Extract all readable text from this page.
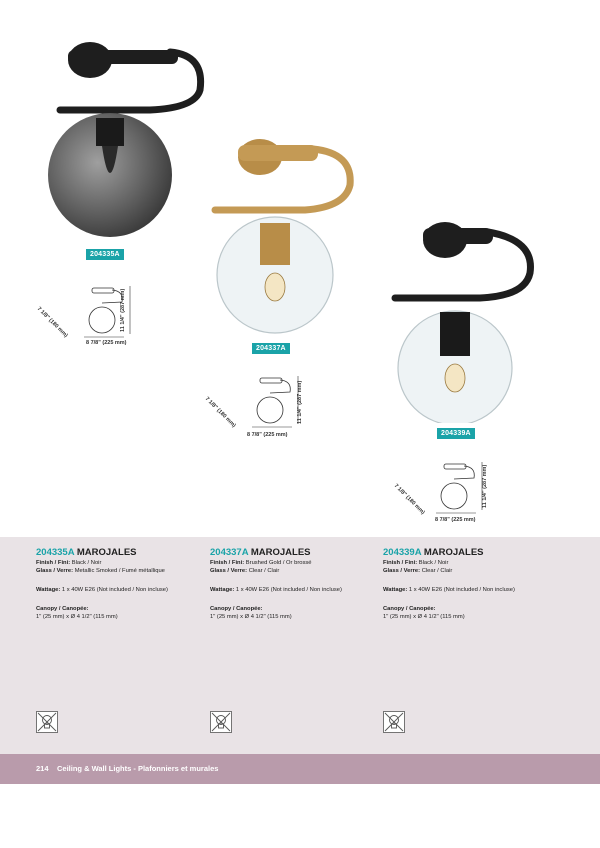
204335A
204337A
204339A
11 1/4" (287 mm)
8 7/8" (225 mm)
7 1/8" (180 mm)
11 1/4" (287 mm)
8 7/8" (225 mm)
7 1/8" (180 mm)
11 1/4" (287 mm)
8 7/8" (225 mm)
7 1/8" (180 mm)
204335A MAROJALES
Finish / Fini: Black / Noir
Glass / Verre: Metallic Smoked / Fumé métallique
Wattage: 1 x 40W E26 (Not included / Non incluse)
Canopy / Canopée:
1" (25 mm) x Ø 4 1/2" (115 mm)
204337A MAROJALES
Finish / Fini: Brushed Gold / Or brossé
Glass / Verre: Clear / Clair
Wattage: 1 x 40W E26 (Not included / Non incluse)
Canopy / Canopée:
1" (25 mm) x Ø 4 1/2" (115 mm)
204339A MAROJALES
Finish / Fini: Black / Noir
Glass / Verre: Clear / Clair
Wattage: 1 x 40W E26 (Not included / Non incluse)
Canopy / Canopée:
1" (25 mm) x Ø 4 1/2" (115 mm)
214 Ceiling & Wall Lights - Plafonniers et murales
